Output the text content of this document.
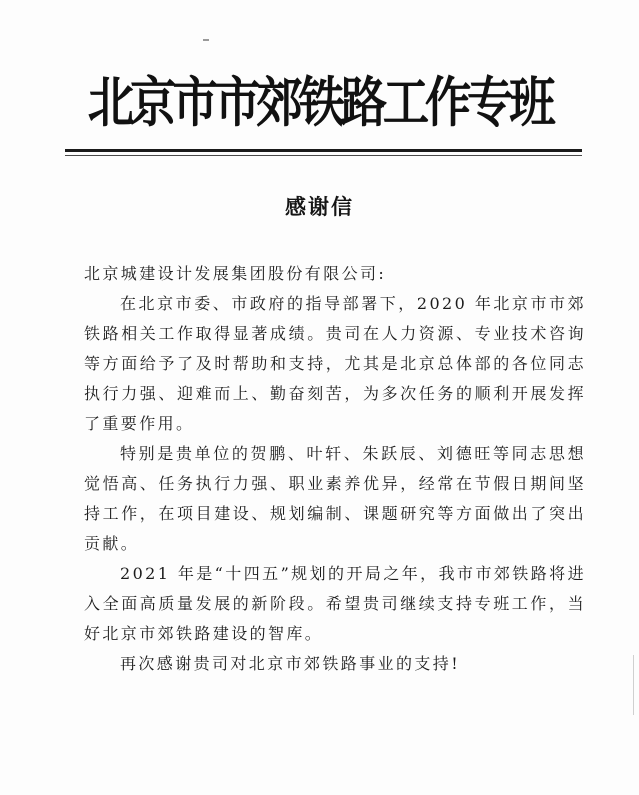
北京市市郊铁路工作专班
感谢信

北京城建设计发展集团股份有限公司:

在北京市委、市政府的指导部署下，2020 年北京市市郊铁路相关工作取得显著成绩。贵司在人力资源、专业技术咨询等方面给予了及时帮助和支持，尤其是北京总体部的各位同志执行力强、迎难而上、勤奋刻苦，为多次任务的顺利开展发挥了重要作用。

特别是贵单位的贺鹏、叶轩、朱跃辰、刘德旺等同志思想觉悟高、任务执行力强、职业素养优异，经常在节假日期间坚持工作，在项目建设、规划编制、课题研究等方面做出了突出贡献。

2021 年是“十四五”规划的开局之年，我市市郊铁路将进入全面高质量发展的新阶段。希望贵司继续支持专班工作，当好北京市郊铁路建设的智库。

再次感谢贵司对北京市郊铁路事业的支持!
